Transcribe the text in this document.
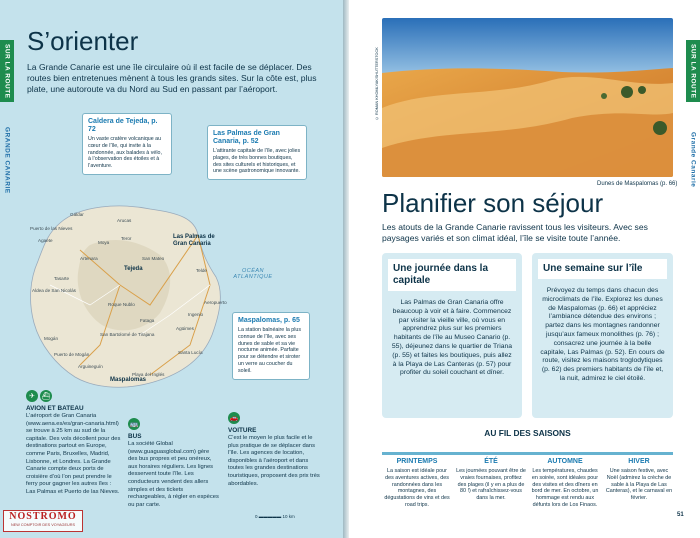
SUR LA ROUTE
GRANDE CANARIE
S’orienter

La Grande Canarie est une île circulaire où il est facile de se déplacer. Des routes bien entretenues mènent à tous les grands sites. Sur la côte est, plus plate, une autoroute va du Nord au Sud en passant par l’aéroport.

Gáldar
Arucas
Agaete	Teror
Puerto de las Nieves
San Mateo
Artenara
Telde
Aldea de San Nicolás
Roque Nublo
Ingenio
Agüimes
San Bartolomé de Tirajana
Mogán
Puerto de Mogán	Santa Lucía
Arguineguín
Moya
Tasarte
Fataga
Playa del Inglés
Aeropuerto
Tejeda
Las Palmas de Gran Canaria
Maspalomas
OCÉAN ATLANTIQUE
Caldera de Tejeda, p. 72
Un vaste cratère volcanique au cœur de l’île, qui invite à la randonnée, aux balades à vélo, à l’observation des étoiles et à l’aventure.
Las Palmas de Gran Canaria, p. 52
L’attirante capitale de l’île, avec jolies plages, de très bonnes boutiques, des sites culturels et historiques, et une scène gastronomique innovante.
Maspalomas, p. 65
La station balnéaire la plus connue de l’île, avec ses dunes de sable et sa vie nocturne animée. Parfaite pour se détendre et siroter un verre au coucher du soleil.
✈ ⛴
AVION ET BATEAU
L’aéroport de Gran Canaria (www.aena.es/es/gran-canaria.html) se trouve à 25 km au sud de la capitale. Des vols décollent pour des destinations partout en Europe, comme Paris, Bruxelles, Madrid, Lisbonne, et Londres. La Grande Canarie compte deux ports de croisière d’où l’on peut prendre le ferry pour gagner les autres îles : Las Palmas et Puerto de las Nieves.
🚌
BUS
La société Global (www.guaguasglobal.com) gère des bus propres et peu onéreux, aux horaires réguliers. Les lignes desservent toute l’île. Les conducteurs vendent des allers simples et des tickets rechargeables, à régler en espèces ou par carte.
🚗
VOITURE
C’est le moyen le plus facile et le plus pratique de se déplacer dans l’île. Les agences de location, disponibles à l’aéroport et dans toutes les grandes destinations touristiques, proposent des prix très abordables.
0 ▬▬▬▬▬ 10 km
NOSTROMO
NEW COMPTOIR DES VOYAGEURS
SUR LA ROUTE
Grande Canarie
© ROMAN KHOMLYAK/SHUTTERSTOCK
Dunes de Maspalomas (p. 66)
Planifier son séjour

Les atouts de la Grande Canarie ravissent tous les visiteurs. Avec ses paysages variés et son climat idéal, l’île se visite toute l’année.

Une journée dans la capitale
Las Palmas de Gran Canaria offre beaucoup à voir et à faire. Commencez par visiter la vieille ville, où vous en apprendrez plus sur les premiers habitants de l’île au Museo Canario (p. 55), déjeunez dans le quartier de Triana (p. 55) et faites les boutiques, puis allez à la Playa de Las Canteras (p. 57) pour profiter du soleil couchant et dîner.
Une semaine sur l’île
Prévoyez du temps dans chacun des microclimats de l’île. Explorez les dunes de Maspalomas (p. 66) et appréciez l’ambiance détendue des environs ; partez dans les montagnes randonner jusqu’aux fameux monolithes (p. 76) ; consacrez une journée à la belle capitale, Las Palmas (p. 52). En cours de route, visitez les maisons troglodytiques (p. 62) des premiers habitants de l’île et, la nuit, admirez le ciel étoilé.
AU FIL DES SAISONS
PRINTEMPS
La saison est idéale pour des aventures actives, des randonnées dans les montagnes, des dégustations de vins et des road trips.
ÉTÉ
Les journées pouvant être de vraies fournaises, profitez des plages (il y en a plus de 80 !) et rafraîchissez-vous dans la mer.
AUTOMNE
Les températures, chaudes en soirée, sont idéales pour des visites et des dîners en bord de mer. En octobre, un hommage est rendu aux défunts lors de Los Finaos.
HIVER
Une saison festive, avec Noël (admirez la crèche de sable à la Playa de Las Canteras), et le carnaval en février.
51
